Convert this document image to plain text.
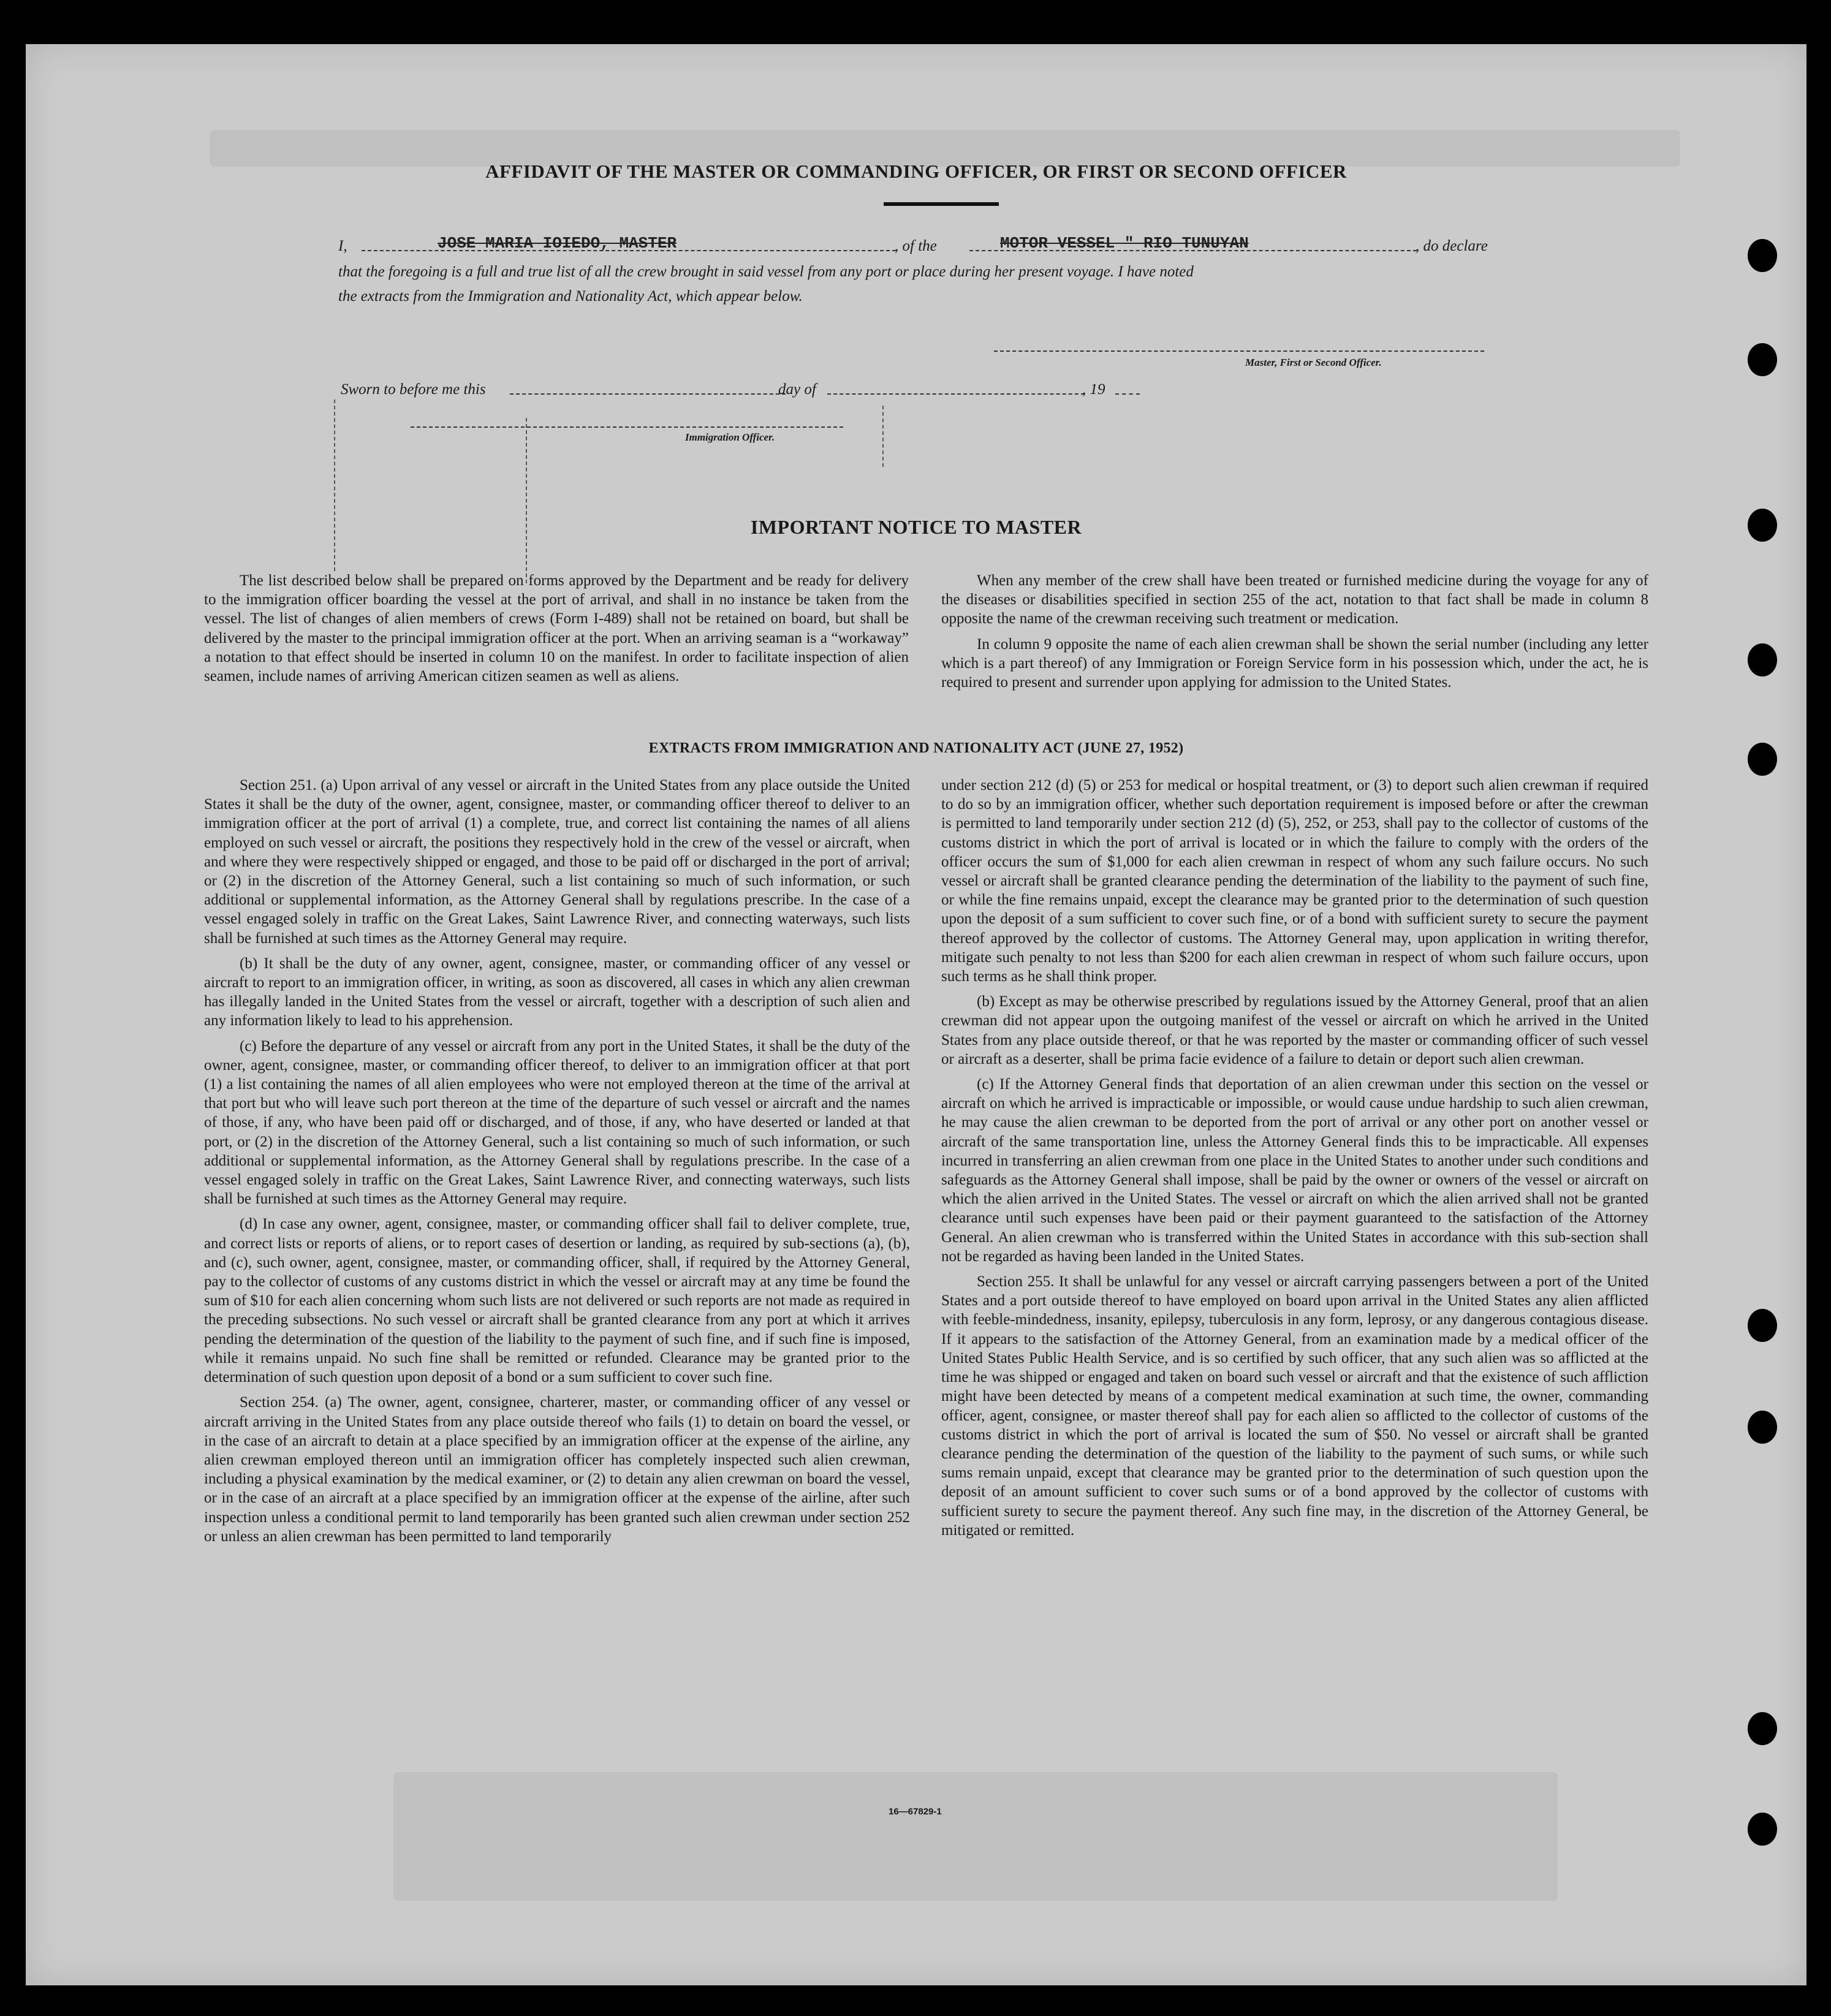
AFFIDAVIT OF THE MASTER OR COMMANDING OFFICER, OR FIRST OR SECOND OFFICER
I,	JOSE MARIA IOIEDO, MASTER	, of the	MOTOR VESSEL " RIO TUNUYAN	, do declare
that the foregoing is a full and true list of all the crew brought in said vessel from any port or place during her present voyage. I have noted
the extracts from the Immigration and Nationality Act, which appear below.
Master, First or Second Officer.
Sworn to before me this	day of	, 19
Immigration Officer.
IMPORTANT NOTICE TO MASTER

The list described below shall be prepared on forms approved by the Department and be ready for delivery to the immigration officer boarding the vessel at the port of arrival, and shall in no instance be taken from the vessel. The list of changes of alien members of crews (Form I-489) shall not be retained on board, but shall be delivered by the master to the principal immigration officer at the port. When an arriving seaman is a “workaway” a notation to that effect should be inserted in column 10 on the manifest. In order to facilitate inspection of alien seamen, include names of arriving American citizen seamen as well as aliens.

When any member of the crew shall have been treated or furnished medicine during the voyage for any of the diseases or disabilities specified in section 255 of the act, notation to that fact shall be made in column 8 opposite the name of the crewman receiving such treatment or medication.

In column 9 opposite the name of each alien crewman shall be shown the serial number (including any letter which is a part thereof) of any Immigration or Foreign Service form in his possession which, under the act, he is required to present and surrender upon applying for admission to the United States.

EXTRACTS FROM IMMIGRATION AND NATIONALITY ACT (JUNE 27, 1952)

Section 251. (a) Upon arrival of any vessel or aircraft in the United States from any place outside the United States it shall be the duty of the owner, agent, consignee, master, or commanding officer thereof to deliver to an immigration officer at the port of arrival (1) a complete, true, and correct list containing the names of all aliens employed on such vessel or aircraft, the positions they respectively hold in the crew of the vessel or aircraft, when and where they were respectively shipped or engaged, and those to be paid off or discharged in the port of arrival; or (2) in the discretion of the Attorney General, such a list containing so much of such information, or such additional or supplemental information, as the Attorney General shall by regulations prescribe. In the case of a vessel engaged solely in traffic on the Great Lakes, Saint Lawrence River, and connecting waterways, such lists shall be furnished at such times as the Attorney General may require.

(b) It shall be the duty of any owner, agent, consignee, master, or commanding officer of any vessel or aircraft to report to an immigration officer, in writing, as soon as discovered, all cases in which any alien crewman has illegally landed in the United States from the vessel or aircraft, together with a description of such alien and any information likely to lead to his apprehension.

(c) Before the departure of any vessel or aircraft from any port in the United States, it shall be the duty of the owner, agent, consignee, master, or commanding officer thereof, to deliver to an immigration officer at that port (1) a list containing the names of all alien employees who were not employed thereon at the time of the arrival at that port but who will leave such port thereon at the time of the departure of such vessel or aircraft and the names of those, if any, who have been paid off or discharged, and of those, if any, who have deserted or landed at that port, or (2) in the discretion of the Attorney General, such a list containing so much of such information, or such additional or supplemental information, as the Attorney General shall by regulations prescribe. In the case of a vessel engaged solely in traffic on the Great Lakes, Saint Lawrence River, and connecting waterways, such lists shall be furnished at such times as the Attorney General may require.

(d) In case any owner, agent, consignee, master, or commanding officer shall fail to deliver complete, true, and correct lists or reports of aliens, or to report cases of desertion or landing, as required by sub-sections (a), (b), and (c), such owner, agent, consignee, master, or commanding officer, shall, if required by the Attorney General, pay to the collector of customs of any customs district in which the vessel or aircraft may at any time be found the sum of $10 for each alien concerning whom such lists are not delivered or such reports are not made as required in the preceding subsections. No such vessel or aircraft shall be granted clearance from any port at which it arrives pending the determination of the question of the liability to the payment of such fine, and if such fine is imposed, while it remains unpaid. No such fine shall be remitted or refunded. Clearance may be granted prior to the determination of such question upon deposit of a bond or a sum sufficient to cover such fine.

Section 254. (a) The owner, agent, consignee, charterer, master, or commanding officer of any vessel or aircraft arriving in the United States from any place outside thereof who fails (1) to detain on board the vessel, or in the case of an aircraft to detain at a place specified by an immigration officer at the expense of the airline, any alien crewman employed thereon until an immigration officer has completely inspected such alien crewman, including a physical examination by the medical examiner, or (2) to detain any alien crewman on board the vessel, or in the case of an aircraft at a place specified by an immigration officer at the expense of the airline, after such inspection unless a conditional permit to land temporarily has been granted such alien crewman under section 252 or unless an alien crewman has been permitted to land temporarily

under section 212 (d) (5) or 253 for medical or hospital treatment, or (3) to deport such alien crewman if required to do so by an immigration officer, whether such deportation requirement is imposed before or after the crewman is permitted to land temporarily under section 212 (d) (5), 252, or 253, shall pay to the collector of customs of the customs district in which the port of arrival is located or in which the failure to comply with the orders of the officer occurs the sum of $1,000 for each alien crewman in respect of whom any such failure occurs. No such vessel or aircraft shall be granted clearance pending the determination of the liability to the payment of such fine, or while the fine remains unpaid, except the clearance may be granted prior to the determination of such question upon the deposit of a sum sufficient to cover such fine, or of a bond with sufficient surety to secure the payment thereof approved by the collector of customs. The Attorney General may, upon application in writing therefor, mitigate such penalty to not less than $200 for each alien crewman in respect of whom such failure occurs, upon such terms as he shall think proper.

(b) Except as may be otherwise prescribed by regulations issued by the Attorney General, proof that an alien crewman did not appear upon the outgoing manifest of the vessel or aircraft on which he arrived in the United States from any place outside thereof, or that he was reported by the master or commanding officer of such vessel or aircraft as a deserter, shall be prima facie evidence of a failure to detain or deport such alien crewman.

(c) If the Attorney General finds that deportation of an alien crewman under this section on the vessel or aircraft on which he arrived is impracticable or impossible, or would cause undue hardship to such alien crewman, he may cause the alien crewman to be deported from the port of arrival or any other port on another vessel or aircraft of the same transportation line, unless the Attorney General finds this to be impracticable. All expenses incurred in transferring an alien crewman from one place in the United States to another under such conditions and safeguards as the Attorney General shall impose, shall be paid by the owner or owners of the vessel or aircraft on which the alien arrived in the United States. The vessel or aircraft on which the alien arrived shall not be granted clearance until such expenses have been paid or their payment guaranteed to the satisfaction of the Attorney General. An alien crewman who is transferred within the United States in accordance with this sub-section shall not be regarded as having been landed in the United States.

Section 255. It shall be unlawful for any vessel or aircraft carrying passengers between a port of the United States and a port outside thereof to have employed on board upon arrival in the United States any alien afflicted with feeble-mindedness, insanity, epilepsy, tuberculosis in any form, leprosy, or any dangerous contagious disease. If it appears to the satisfaction of the Attorney General, from an examination made by a medical officer of the United States Public Health Service, and is so certified by such officer, that any such alien was so afflicted at the time he was shipped or engaged and taken on board such vessel or aircraft and that the existence of such affliction might have been detected by means of a competent medical examination at such time, the owner, commanding officer, agent, consignee, or master thereof shall pay for each alien so afflicted to the collector of customs of the customs district in which the port of arrival is located the sum of $50. No vessel or aircraft shall be granted clearance pending the determination of the question of the liability to the payment of such sums, or while such sums remain unpaid, except that clearance may be granted prior to the determination of such question upon the deposit of an amount sufficient to cover such sums or of a bond approved by the collector of customs with sufficient surety to secure the payment thereof. Any such fine may, in the discretion of the Attorney General, be mitigated or remitted.

16—67829-1
